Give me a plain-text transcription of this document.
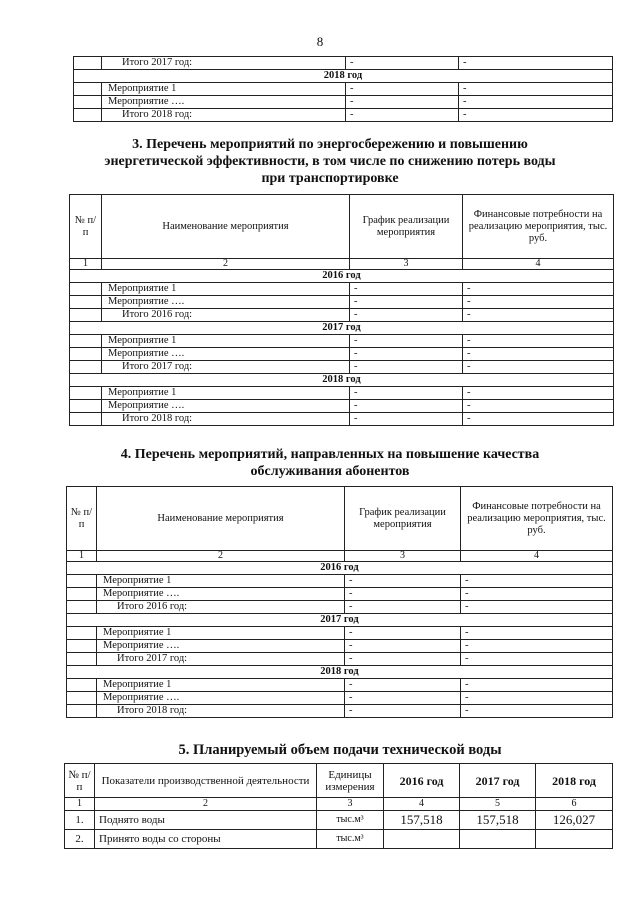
8
	Итого 2017 год:	-	-
2018 год			
	Мероприятие 1	-	-
	Мероприятие ….	-	-
	Итого 2018 год:	-	-
3. Перечень мероприятий по энергосбережению и повышению
энергетической эффективности, в том числе по снижению потерь воды
при транспортировке
№ п/п	Наименование мероприятия	График реализации мероприятия	Финансовые потребности на реализацию мероприятия, тыс. руб.
1	2	3	4
2016 год			
	Мероприятие 1	-	-
	Мероприятие ….	-	-
	Итого 2016 год:	-	-
2017 год			
	Мероприятие 1	-	-
	Мероприятие ….	-	-
	Итого 2017 год:	-	-
2018 год			
	Мероприятие 1	-	-
	Мероприятие ….	-	-
	Итого 2018 год:	-	-
4. Перечень мероприятий, направленных на повышение качества
обслуживания абонентов
№ п/п	Наименование мероприятия	График реализации мероприятия	Финансовые потребности на реализацию мероприятия, тыс. руб.
1	2	3	4
2016 год			
	Мероприятие 1	-	-
	Мероприятие ….	-	-
	Итого 2016 год:	-	-
2017 год			
	Мероприятие 1	-	-
	Мероприятие ….	-	-
	Итого 2017 год:	-	-
2018 год			
	Мероприятие 1	-	-
	Мероприятие ….	-	-
	Итого 2018 год:	-	-
5. Планируемый объем подачи технической воды
№ п/п	Показатели производственной деятельности	Единицы измерения	2016 год	2017 год	2018 год
1	2	3	4	5	6
1.	Поднято воды	тыс.м³	157,518	157,518	126,027
2.	Принято воды со стороны	тыс.м³			
